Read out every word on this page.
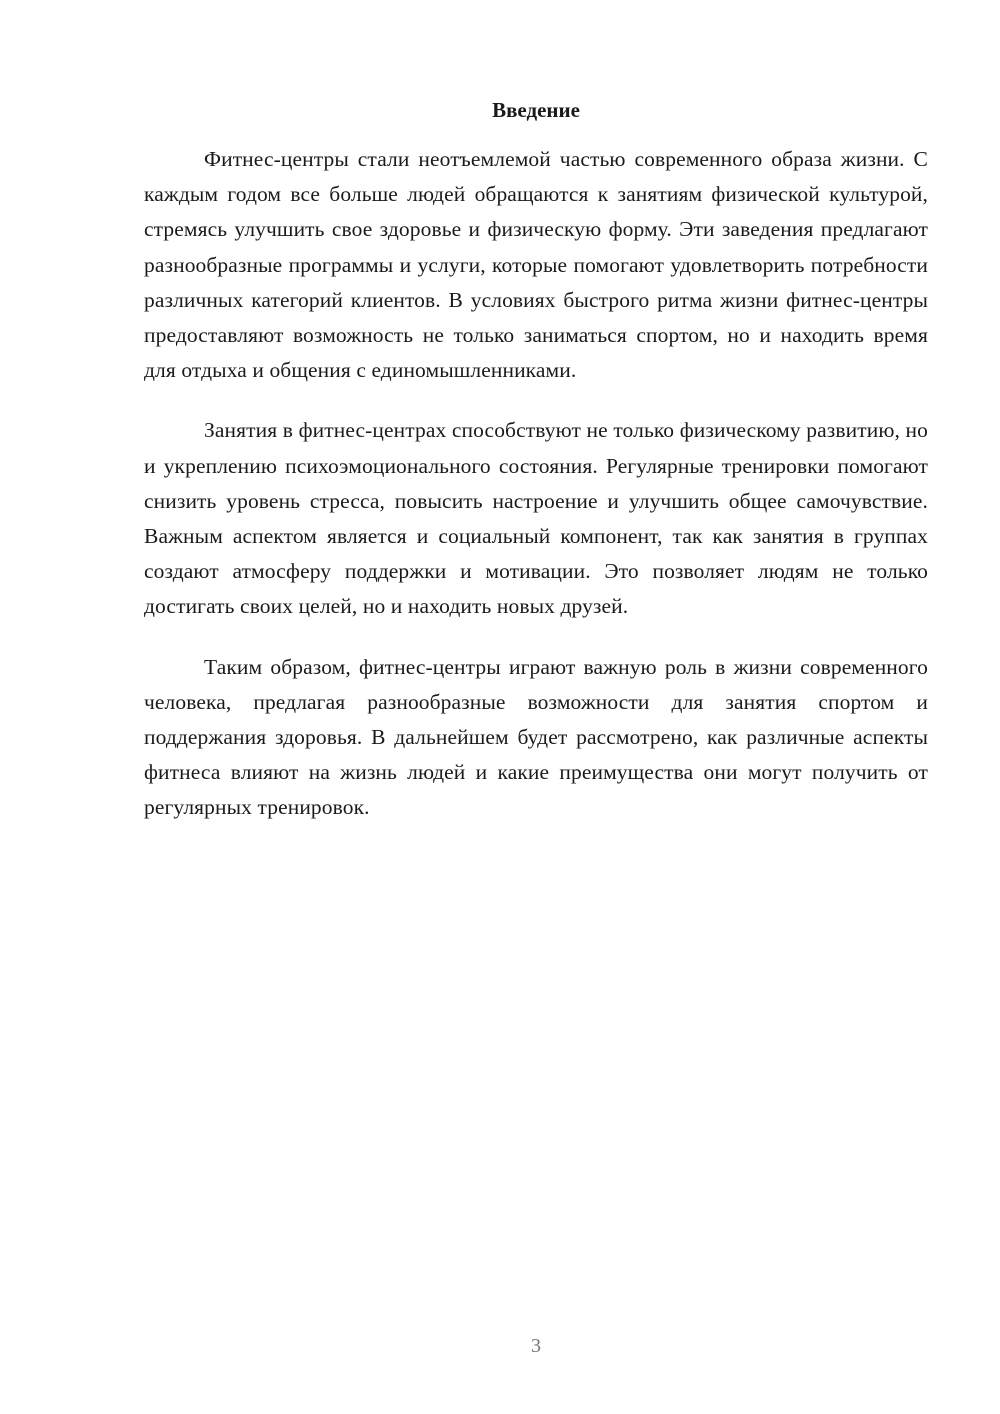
Введение

Фитнес-центры стали неотъемлемой частью современного образа жизни. С каждым годом все больше людей обращаются к занятиям физической культурой, стремясь улучшить свое здоровье и физическую форму. Эти заведения предлагают разнообразные программы и услуги, которые помогают удовлетворить потребности различных категорий клиентов. В условиях быстрого ритма жизни фитнес-центры предоставляют возможность не только заниматься спортом, но и находить время для отдыха и общения с единомышленниками.

Занятия в фитнес-центрах способствуют не только физическому развитию, но и укреплению психоэмоционального состояния. Регулярные тренировки помогают снизить уровень стресса, повысить настроение и улучшить общее самочувствие. Важным аспектом является и социальный компонент, так как занятия в группах создают атмосферу поддержки и мотивации. Это позволяет людям не только достигать своих целей, но и находить новых друзей.

Таким образом, фитнес-центры играют важную роль в жизни современного человека, предлагая разнообразные возможности для занятия спортом и поддержания здоровья. В дальнейшем будет рассмотрено, как различные аспекты фитнеса влияют на жизнь людей и какие преимущества они могут получить от регулярных тренировок.

3
